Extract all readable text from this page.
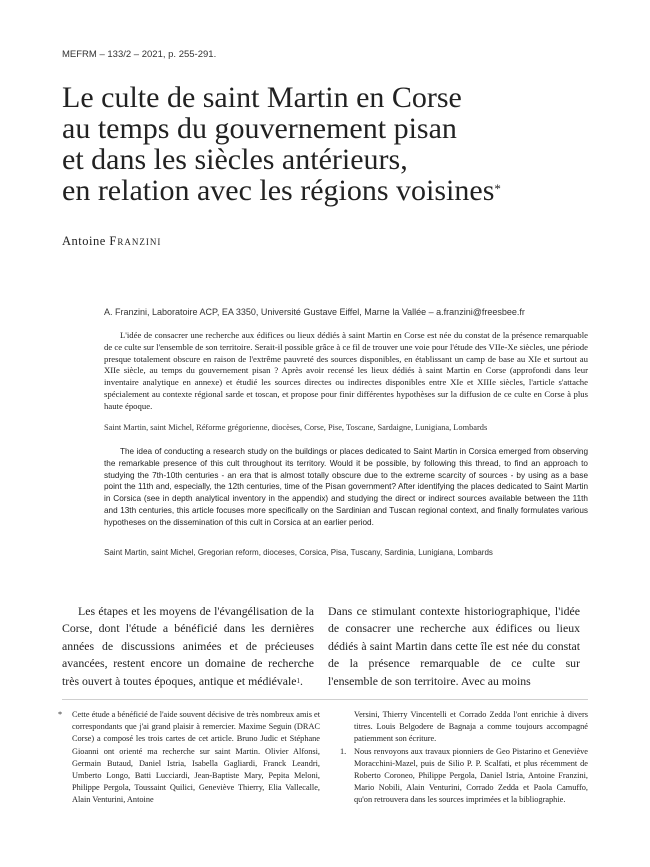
MEFRM – 133/2 – 2021, p. 255-291.
Le culte de saint Martin en Corse
au temps du gouvernement pisan
et dans les siècles antérieurs,
en relation avec les régions voisines*
Antoine Franzini
A. Franzini, Laboratoire ACP, EA 3350, Université Gustave Eiffel, Marne la Vallée – a.franzini@freesbee.fr

L'idée de consacrer une recherche aux édifices ou lieux dédiés à saint Martin en Corse est née du constat de la présence remarquable de ce culte sur l'ensemble de son territoire. Serait-il possible grâce à ce fil de trouver une voie pour l'étude des VIIe-Xe siècles, une période presque totalement obscure en raison de l'extrême pauvreté des sources disponibles, en établissant un camp de base au XIe et surtout au XIIe siècle, au temps du gouvernement pisan ? Après avoir recensé les lieux dédiés à saint Martin en Corse (approfondi dans leur inventaire analytique en annexe) et étudié les sources directes ou indirectes disponibles entre XIe et XIIIe siècles, l'article s'attache spécialement au contexte régional sarde et toscan, et propose pour finir différentes hypothèses sur la diffusion de ce culte en Corse à plus haute époque.

Saint Martin, saint Michel, Réforme grégorienne, diocèses, Corse, Pise, Toscane, Sardaigne, Lunigiana, Lombards

The idea of conducting a research study on the buildings or places dedicated to Saint Martin in Corsica emerged from observing the remarkable presence of this cult throughout its territory. Would it be possible, by following this thread, to find an approach to studying the 7th-10th centuries - an era that is almost totally obscure due to the extreme scarcity of sources - by using as a base point the 11th and, especially, the 12th centuries, time of the Pisan government? After identifying the places dedicated to Saint Martin in Corsica (see in depth analytical inventory in the appendix) and studying the direct or indirect sources available between the 11th and 13th centuries, this article focuses more specifically on the Sardinian and Tuscan regional context, and finally formulates various hypotheses on the dissemination of this cult in Corsica at an earlier period.

Saint Martin, saint Michel, Gregorian reform, dioceses, Corsica, Pisa, Tuscany, Sardinia, Lunigiana, Lombards

Les étapes et les moyens de l'évangélisation de la Corse, dont l'étude a bénéficié dans les dernières années de discussions animées et de précieuses avancées, restent encore un domaine de recherche très ouvert à toutes époques, antique et médiévale$^1$.

Dans ce stimulant contexte historiographique, l'idée de consacrer une recherche aux édifices ou lieux dédiés à saint Martin dans cette île est née du constat de la présence remarquable de ce culte sur l'ensemble de son territoire. Avec au moins

* Cette étude a bénéficié de l'aide souvent décisive de très nombreux amis et correspondants que j'ai grand plaisir à remercier. Maxime Seguin (DRAC Corse) a composé les trois cartes de cet article. Bruno Judic et Stéphane Gioanni ont orienté ma recherche sur saint Martin. Olivier Alfonsi, Germain Butaud, Daniel Istria, Isabella Gagliardi, Franck Leandri, Umberto Longo, Batti Lucciardi, Jean-Baptiste Mary, Pepita Meloni, Philippe Pergola, Toussaint Quilici, Geneviève Thierry, Elia Vallecalle, Alain Venturini, Antoine

Versini, Thierry Vincentelli et Corrado Zedda l'ont enrichie à divers titres. Louis Belgodere de Bagnaja a comme toujours accompagné patiemment son écriture.

1. Nous renvoyons aux travaux pionniers de Geo Pistarino et Geneviève Moracchini-Mazel, puis de Silio P. P. Scalfati, et plus récemment de Roberto Coroneo, Philippe Pergola, Daniel Istria, Antoine Franzini, Mario Nobili, Alain Venturini, Corrado Zedda et Paola Camuffo, qu'on retrouvera dans les sources imprimées et la bibliographie.
